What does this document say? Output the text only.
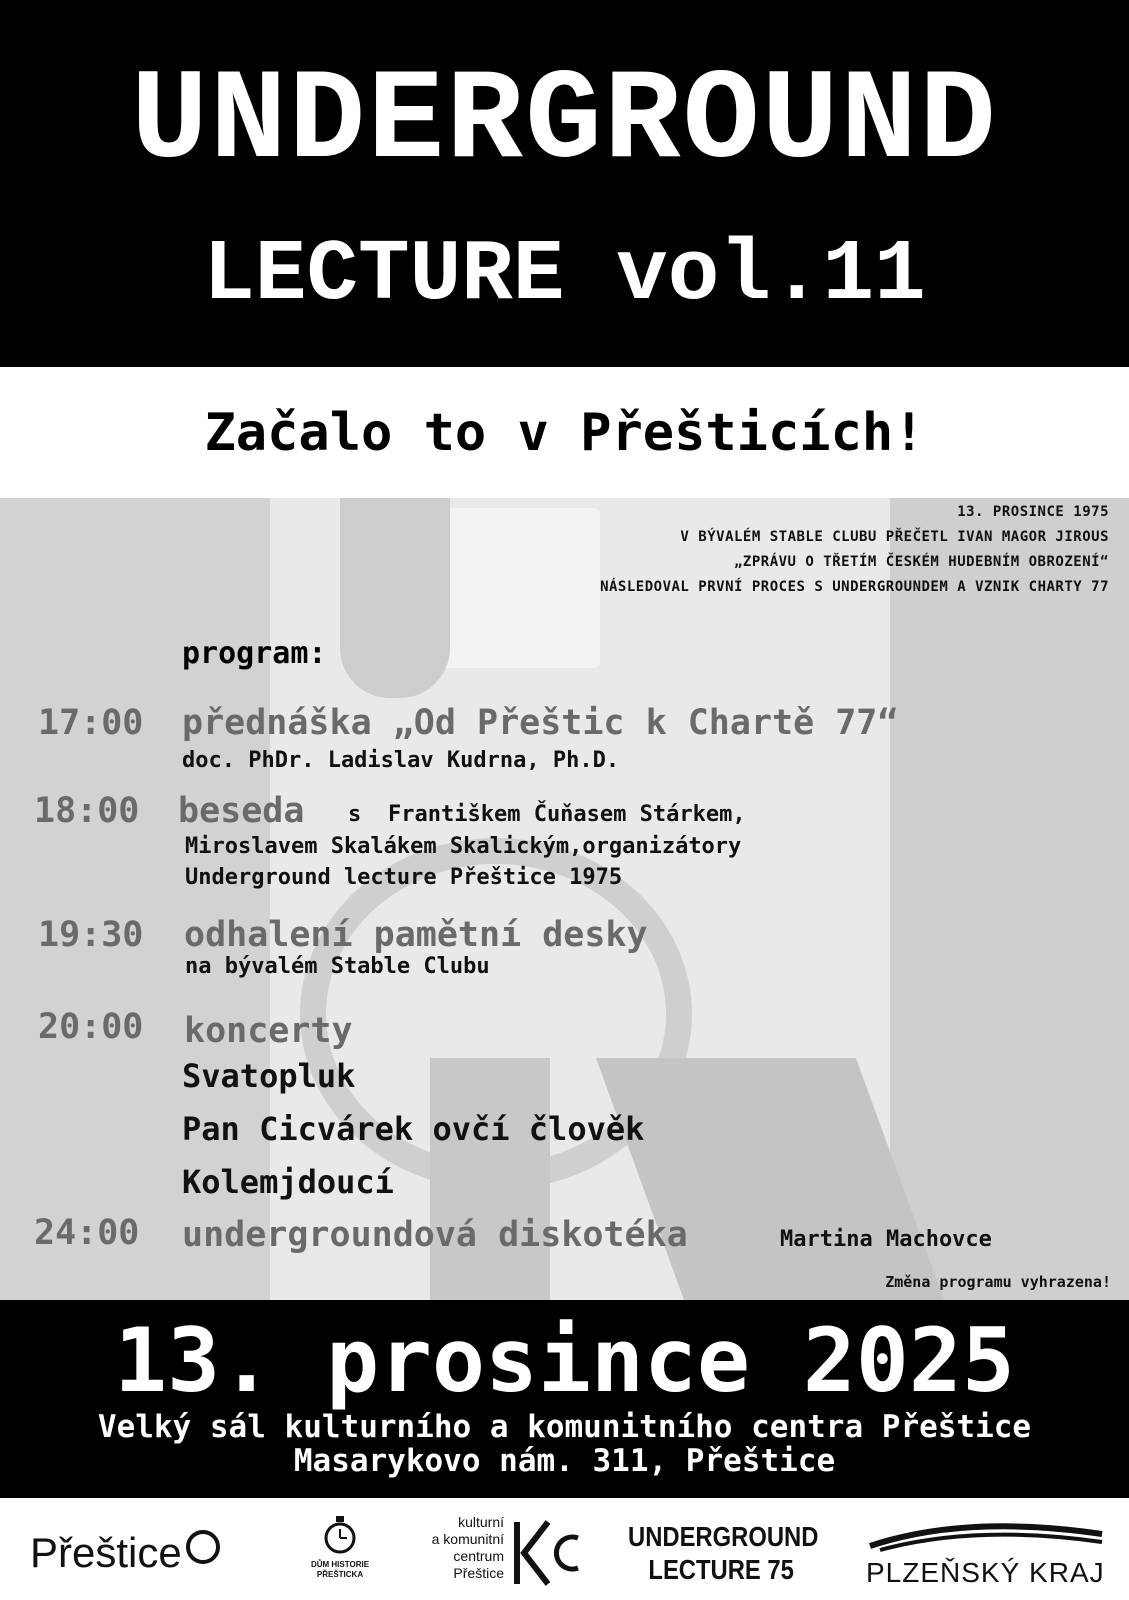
UNDERGROUND
LECTURE vol.11
Začalo to v Přešticích!
13. PROSINCE 1975
V BÝVALÉM STABLE CLUBU PŘEČETL IVAN MAGOR JIROUS
„ZPRÁVU O TŘETÍM ČESKÉM HUDEBNÍM OBROZENÍ“
NÁSLEDOVAL PRVNÍ PROCES S UNDERGROUNDEM A VZNIK CHARTY 77
program:
17:00 přednáška „Od Přeštic k Chartě 77“
doc. PhDr. Ladislav Kudrna, Ph.D.
18:00 beseda s Františkem Čuňasem Stárkem,
Miroslavem Skalákem Skalickým,organizátory
Underground lecture Přeštice 1975
19:30 odhalení pamětní desky
na bývalém Stable Clubu
20:00 koncerty
Svatopluk
Pan Cicvárek ovčí člověk
Kolemjdoucí
24:00 undergroundová diskotéka	Martina Machovce
Změna programu vyhrazena!
13. prosince 2025
Velký sál kulturního a komunitního centra Přeštice
Masarykovo nám. 311, Přeštice
Přeštice	DŮM HISTORIE
PŘEŠTICKA
kulturní
a komunitní
centrum
Přeštice
UNDERGROUND
LECTURE 75	PLZEŇSKÝ KRAJ
